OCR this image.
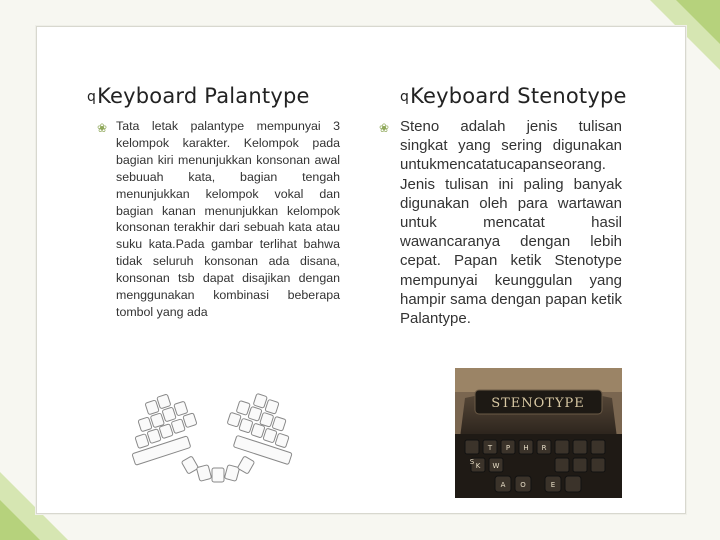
qKeyboard Palantype
❀ Tata letak palantype mempunyai 3 kelompok karakter. Kelompok pada bagian kiri menunjukkan konsonan awal sebuuah kata, bagian tengah menunjukkan kelompok vokal dan bagian kanan menunjukkan kelompok konsonan terakhir dari sebuah kata atau suku kata.Pada gambar terlihat bahwa tidak seluruh konsonan ada disana, konsonan tsb dapat disajikan dengan menggunakan kombinasi beberapa tombol yang ada
qKeyboard Stenotype
❀ Steno adalah jenis tulisan singkat yang sering digunakan untukmencatatucapanseorang. Jenis tulisan ini paling banyak digunakan oleh para wartawan untuk mencatat hasil wawancaranya dengan lebih cepat. Papan ketik Stenotype mempunyai keunggulan yang hampir sama dengan papan ketik Palantype.
STENOTYPE
S
T
K
P
W
H R
A O	E
